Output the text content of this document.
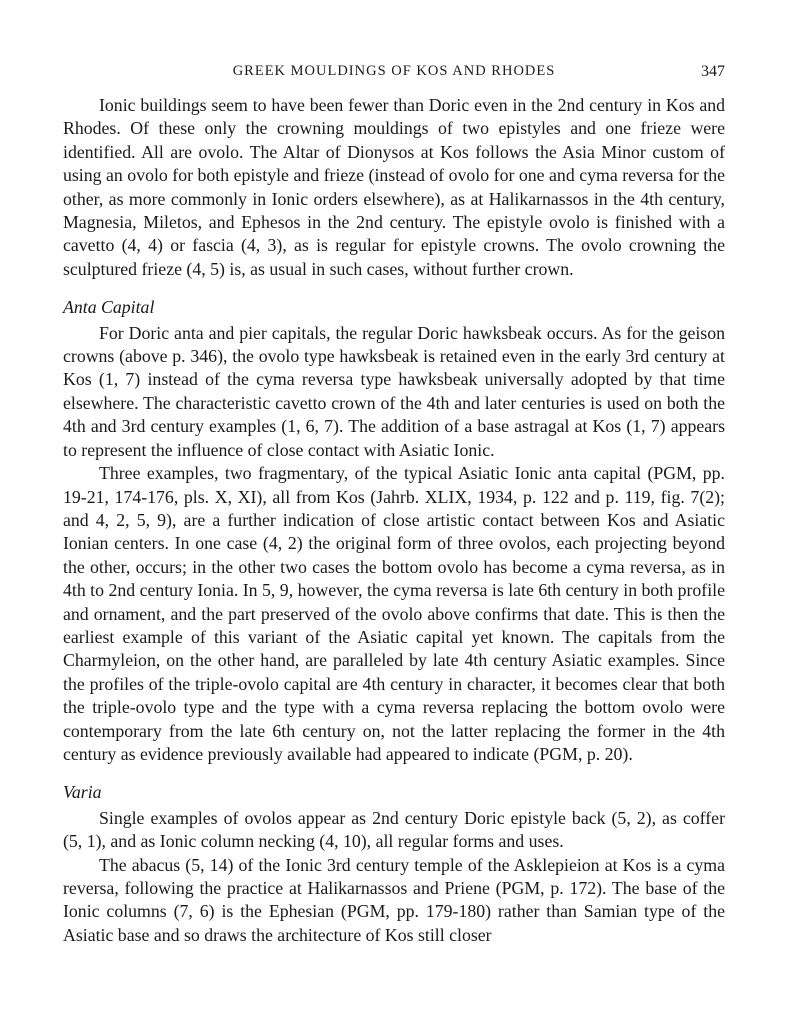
GREEK MOULDINGS OF KOS AND RHODES	347

Ionic buildings seem to have been fewer than Doric even in the 2nd century in Kos and Rhodes. Of these only the crowning mouldings of two epistyles and one frieze were identified. All are ovolo. The Altar of Dionysos at Kos follows the Asia Minor custom of using an ovolo for both epistyle and frieze (instead of ovolo for one and cyma reversa for the other, as more commonly in Ionic orders elsewhere), as at Halikarnassos in the 4th century, Magnesia, Miletos, and Ephesos in the 2nd century. The epistyle ovolo is finished with a cavetto (4, 4) or fascia (4, 3), as is regular for epistyle crowns. The ovolo crowning the sculptured frieze (4, 5) is, as usual in such cases, without further crown.

Anta Capital

For Doric anta and pier capitals, the regular Doric hawksbeak occurs. As for the geison crowns (above p. 346), the ovolo type hawksbeak is retained even in the early 3rd century at Kos (1, 7) instead of the cyma reversa type hawksbeak universally adopted by that time elsewhere. The characteristic cavetto crown of the 4th and later centuries is used on both the 4th and 3rd century examples (1, 6, 7). The addition of a base astragal at Kos (1, 7) appears to represent the influence of close contact with Asiatic Ionic.

Three examples, two fragmentary, of the typical Asiatic Ionic anta capital (PGM, pp. 19-21, 174-176, pls. X, XI), all from Kos (Jahrb. XLIX, 1934, p. 122 and p. 119, fig. 7(2); and 4, 2, 5, 9), are a further indication of close artistic contact between Kos and Asiatic Ionian centers. In one case (4, 2) the original form of three ovolos, each projecting beyond the other, occurs; in the other two cases the bottom ovolo has become a cyma reversa, as in 4th to 2nd century Ionia. In 5, 9, however, the cyma reversa is late 6th century in both profile and ornament, and the part preserved of the ovolo above confirms that date. This is then the earliest example of this variant of the Asiatic capital yet known. The capitals from the Charmyleion, on the other hand, are paralleled by late 4th century Asiatic examples. Since the profiles of the triple-ovolo capital are 4th century in character, it becomes clear that both the triple-ovolo type and the type with a cyma reversa replacing the bottom ovolo were contemporary from the late 6th century on, not the latter replacing the former in the 4th century as evidence previously available had appeared to indicate (PGM, p. 20).

Varia

Single examples of ovolos appear as 2nd century Doric epistyle back (5, 2), as coffer (5, 1), and as Ionic column necking (4, 10), all regular forms and uses.

The abacus (5, 14) of the Ionic 3rd century temple of the Asklepieion at Kos is a cyma reversa, following the practice at Halikarnassos and Priene (PGM, p. 172). The base of the Ionic columns (7, 6) is the Ephesian (PGM, pp. 179-180) rather than Samian type of the Asiatic base and so draws the architecture of Kos still closer
